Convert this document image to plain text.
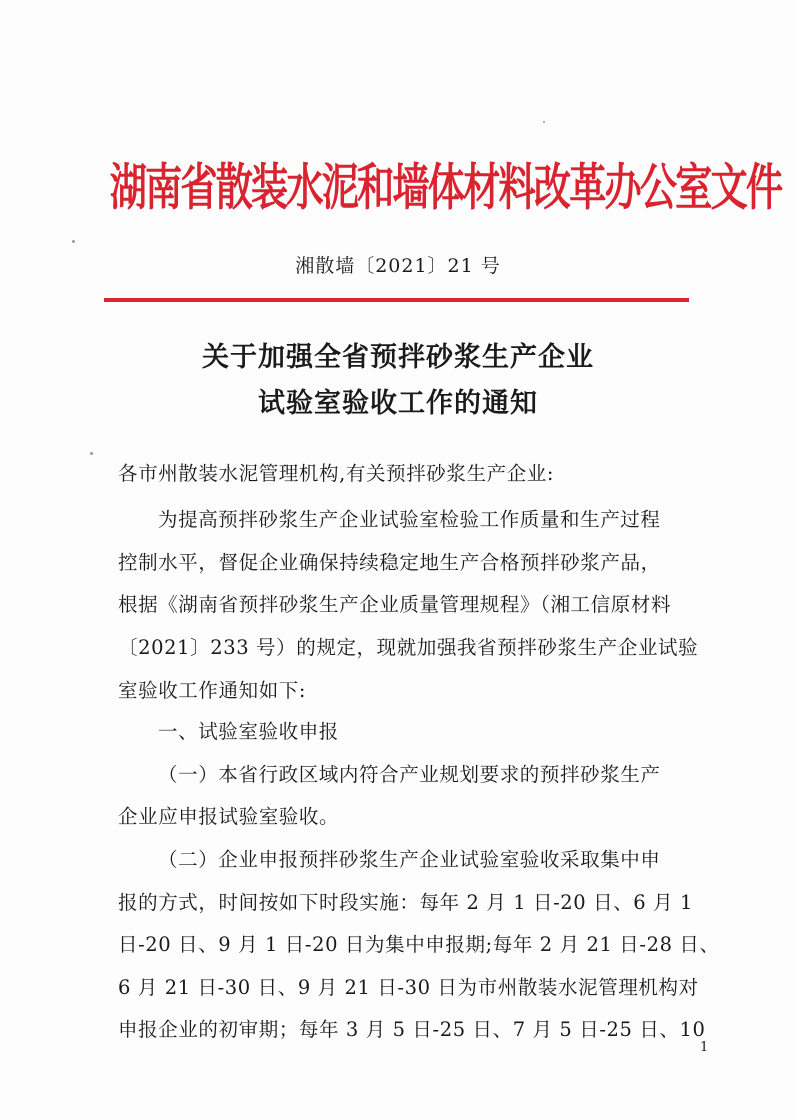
湖南省散装水泥和墙体材料改革办公室文件
湘散墙〔2021〕21 号
关于加强全省预拌砂浆生产企业
试验室验收工作的通知
各市州散装水泥管理机构,有关预拌砂浆生产企业:
为提高预拌砂浆生产企业试验室检验工作质量和生产过程
控制水平，督促企业确保持续稳定地生产合格预拌砂浆产品，
根据《湖南省预拌砂浆生产企业质量管理规程》（湘工信原材料
〔2021〕233 号）的规定，现就加强我省预拌砂浆生产企业试验
室验收工作通知如下:
一、试验室验收申报
（一）本省行政区域内符合产业规划要求的预拌砂浆生产
企业应申报试验室验收。
（二）企业申报预拌砂浆生产企业试验室验收采取集中申
报的方式，时间按如下时段实施：每年 2 月 1 日-20 日、6 月 1
日-20 日、9 月 1 日-20 日为集中申报期;每年 2 月 21 日-28 日、
6 月 21 日-30 日、9 月 21 日-30 日为市州散装水泥管理机构对
申报企业的初审期；每年 3 月 5 日-25 日、7 月 5 日-25 日、10
1
